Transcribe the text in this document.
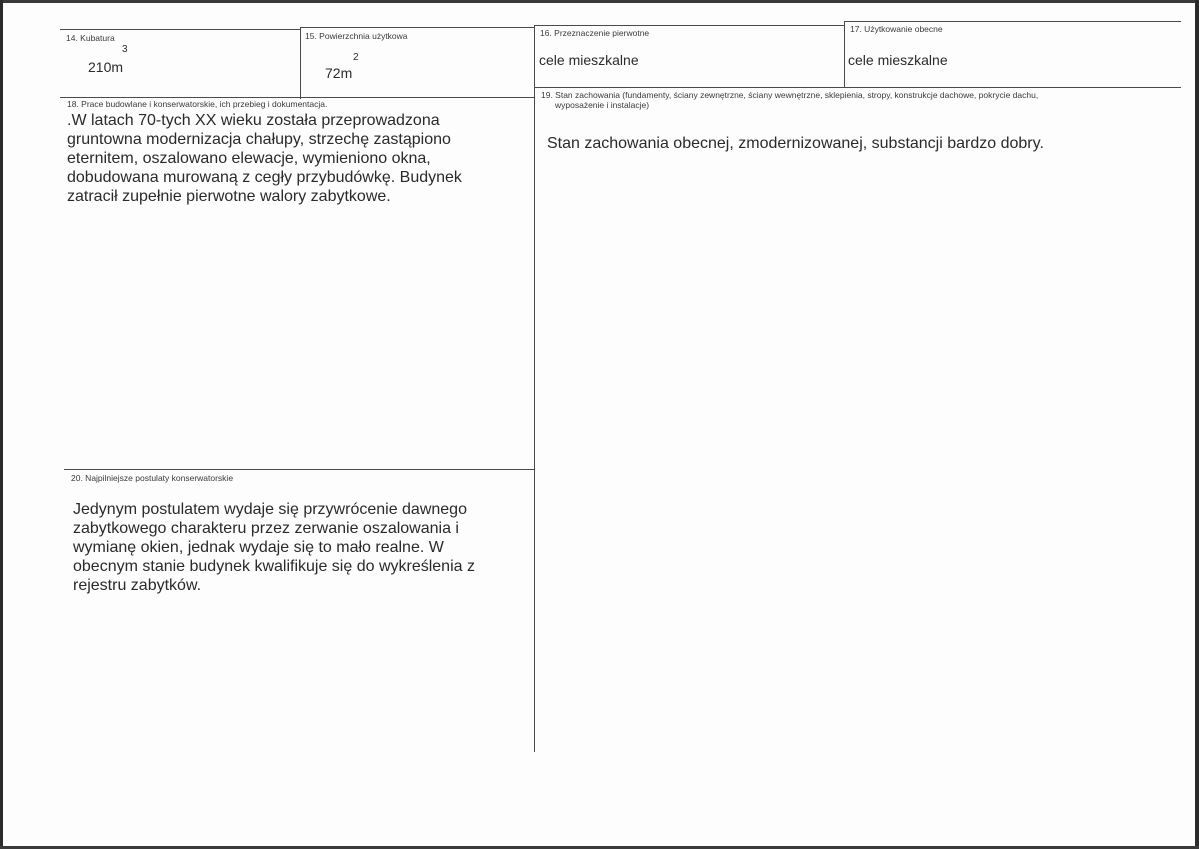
14. Kubatura
3
210m
15. Powierzchnia użytkowa
2
72m
16. Przeznaczenie pierwotne
cele mieszkalne
17. Użytkowanie obecne
cele mieszkalne
18. Prace budowlane i konserwatorskie, ich przebieg i dokumentacja.
.W latach 70-tych XX wieku została przeprowadzona
gruntowna modernizacja chałupy, strzechę zastąpiono
eternitem, oszalowano elewacje, wymieniono okna,
dobudowana murowaną z cegły przybudówkę. Budynek
zatracił zupełnie pierwotne walory zabytkowe.
19. Stan zachowania (fundamenty, ściany zewnętrzne, ściany wewnętrzne, sklepienia, stropy, konstrukcje dachowe, pokrycie dachu,
wyposażenie i instalacje)
Stan zachowania obecnej, zmodernizowanej, substancji bardzo dobry.
20. Najpilniejsze postulaty konserwatorskie
Jedynym postulatem wydaje się przywrócenie dawnego
zabytkowego charakteru przez zerwanie oszalowania i
wymianę okien, jednak wydaje się to mało realne. W
obecnym stanie budynek kwalifikuje się do wykreślenia z
rejestru zabytków.
